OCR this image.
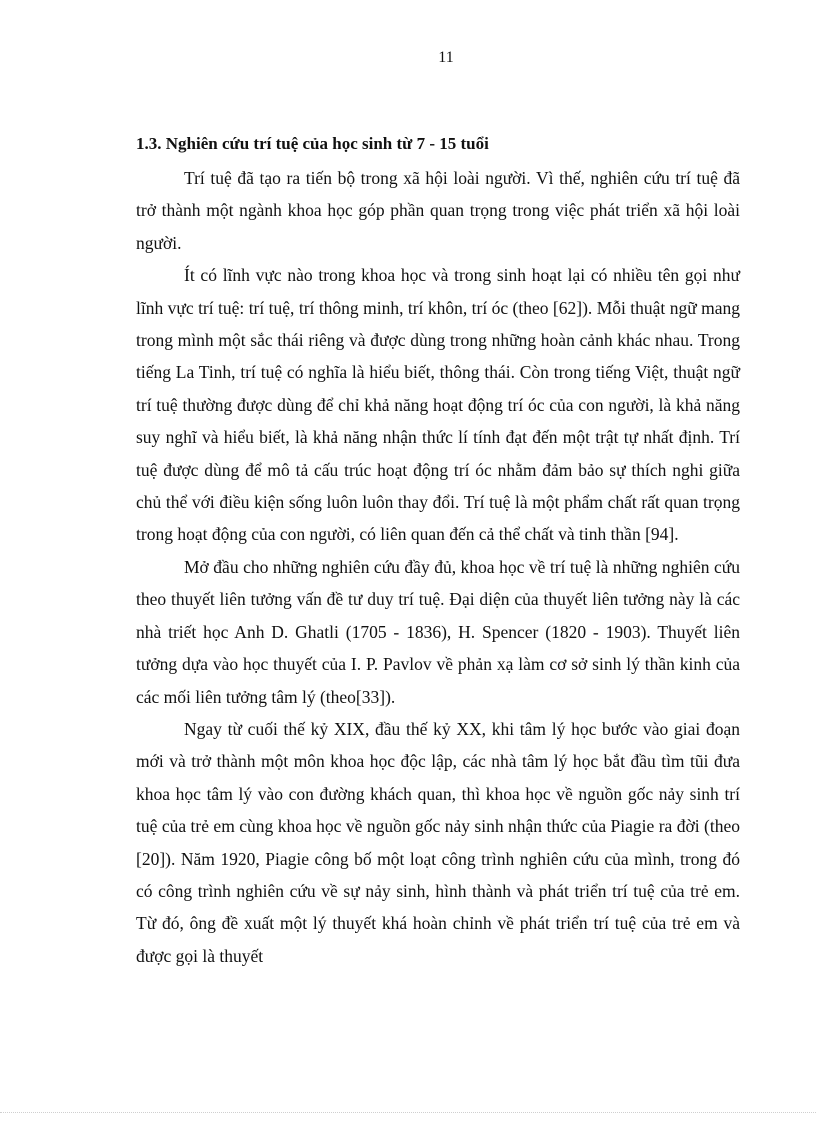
11
1.3. Nghiên cứu trí tuệ của học sinh từ 7 - 15 tuổi

Trí tuệ đã tạo ra tiến bộ trong xã hội loài người. Vì thế, nghiên cứu trí tuệ đã trở thành một ngành khoa học góp phần quan trọng trong việc phát triển xã hội loài người.

Ít có lĩnh vực nào trong khoa học và trong sinh hoạt lại có nhiều tên gọi như lĩnh vực trí tuệ: trí tuệ, trí thông minh, trí khôn, trí óc (theo [62]). Mỗi thuật ngữ mang trong mình một sắc thái riêng và được dùng trong những hoàn cảnh khác nhau. Trong tiếng La Tinh, trí tuệ có nghĩa là hiểu biết, thông thái. Còn trong tiếng Việt, thuật ngữ trí tuệ thường được dùng để chỉ khả năng hoạt động trí óc của con người, là khả năng suy nghĩ và hiểu biết, là khả năng nhận thức lí tính đạt đến một trật tự nhất định. Trí tuệ được dùng để mô tả cấu trúc hoạt động trí óc nhằm đảm bảo sự thích nghi giữa chủ thể với điều kiện sống luôn luôn thay đổi. Trí tuệ là một phẩm chất rất quan trọng trong hoạt động của con người, có liên quan đến cả thể chất và tinh thần [94].

Mở đầu cho những nghiên cứu đầy đủ, khoa học về trí tuệ là những nghiên cứu theo thuyết liên tưởng vấn đề tư duy trí tuệ. Đại diện của thuyết liên tưởng này là các nhà triết học Anh D. Ghatli (1705 - 1836), H. Spencer (1820 - 1903). Thuyết liên tưởng dựa vào học thuyết của I. P. Pavlov về phản xạ làm cơ sở sinh lý thần kinh của các mối liên tưởng tâm lý (theo[33]).

Ngay từ cuối thế kỷ XIX, đầu thế kỷ XX, khi tâm lý học bước vào giai đoạn mới và trở thành một môn khoa học độc lập, các nhà tâm lý học bắt đầu tìm tũi đưa khoa học tâm lý vào con đường khách quan, thì khoa học về nguồn gốc nảy sinh trí tuệ của trẻ em cùng khoa học về nguồn gốc nảy sinh nhận thức của Piagie ra đời (theo [20]). Năm 1920, Piagie công bố một loạt công trình nghiên cứu của mình, trong đó có công trình nghiên cứu về sự nảy sinh, hình thành và phát triển trí tuệ của trẻ em. Từ đó, ông đề xuất một lý thuyết khá hoàn chỉnh về phát triển trí tuệ của trẻ em và được gọi là thuyết
